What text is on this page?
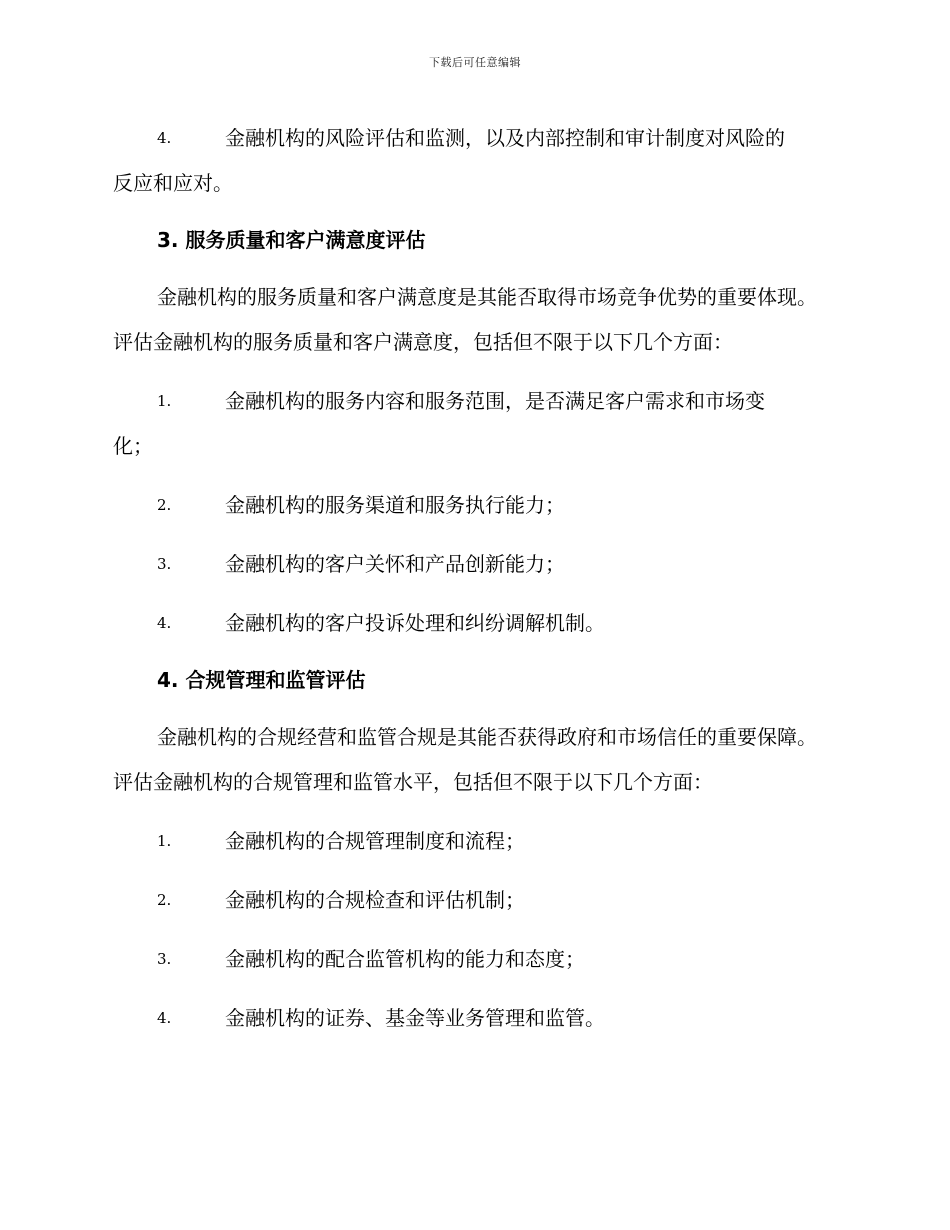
下载后可任意编辑
4.	金融机构的风险评估和监测，以及内部控制和审计制度对风险的
反应和应对。
3. 服务质量和客户满意度评估

金融机构的服务质量和客户满意度是其能否取得市场竞争优势的重要体现。评估金融机构的服务质量和客户满意度，包括但不限于以下几个方面：

1.	金融机构的服务内容和服务范围，是否满足客户需求和市场变
化；
2.	金融机构的服务渠道和服务执行能力；
3.	金融机构的客户关怀和产品创新能力；
4.	金融机构的客户投诉处理和纠纷调解机制。
4. 合规管理和监管评估

金融机构的合规经营和监管合规是其能否获得政府和市场信任的重要保障。评估金融机构的合规管理和监管水平，包括但不限于以下几个方面：

1.	金融机构的合规管理制度和流程；
2.	金融机构的合规检查和评估机制；
3.	金融机构的配合监管机构的能力和态度；
4.	金融机构的证券、基金等业务管理和监管。
